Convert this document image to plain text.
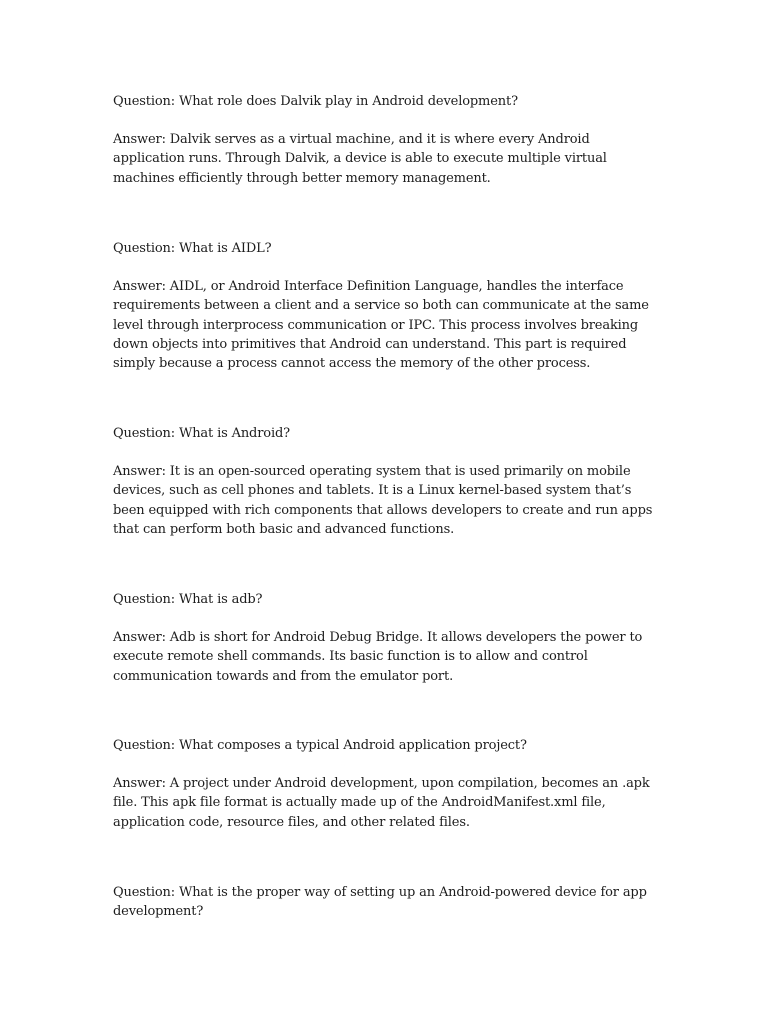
Question: What role does Dalvik play in Android development?

Answer: Dalvik serves as a virtual machine, and it is where every Android application runs. Through Dalvik, a device is able to execute multiple virtual machines efficiently through better memory management.

Question: What is AIDL?

Answer: AIDL, or Android Interface Definition Language, handles the interface requirements between a client and a service so both can communicate at the same level through interprocess communication or IPC. This process involves breaking down objects into primitives that Android can understand. This part is required simply because a process cannot access the memory of the other process.

Question: What is Android?

Answer: It is an open-sourced operating system that is used primarily on mobile devices, such as cell phones and tablets. It is a Linux kernel-based system that’s been equipped with rich components that allows developers to create and run apps that can perform both basic and advanced functions.

Question: What is adb?

Answer: Adb is short for Android Debug Bridge. It allows developers the power to execute remote shell commands. Its basic function is to allow and control communication towards and from the emulator port.

Question: What composes a typical Android application project?

Answer: A project under Android development, upon compilation, becomes an .apk file. This apk file format is actually made up of the AndroidManifest.xml file, application code, resource files, and other related files.

Question: What is the proper way of setting up an Android-powered device for app development?
